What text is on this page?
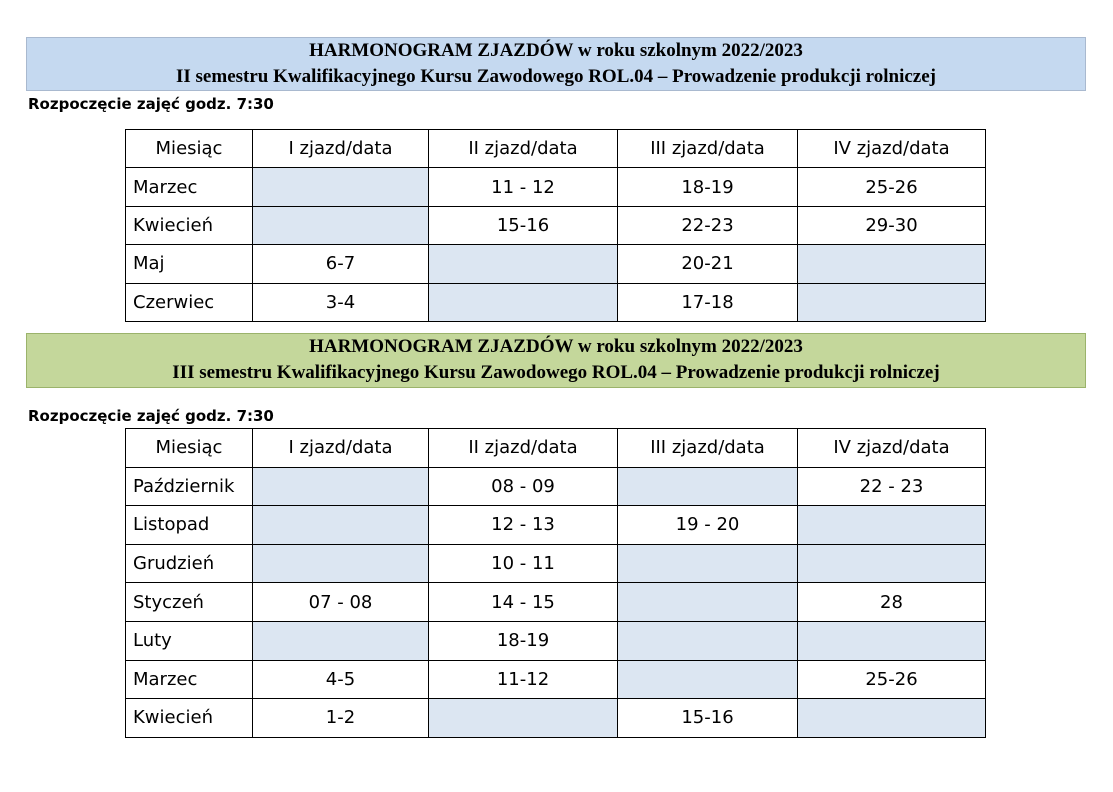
HARMONOGRAM ZJAZDÓW w roku szkolnym 2022/2023
II semestru Kwalifikacyjnego Kursu Zawodowego ROL.04 – Prowadzenie produkcji rolniczej
Rozpoczęcie zajęć godz. 7:30
Miesiąc	I zjazd/data	II zjazd/data	III zjazd/data	IV zjazd/data
Marzec		11 - 12	18-19	25-26
Kwiecień		15-16	22-23	29-30
Maj	6-7		20-21	
Czerwiec	3-4		17-18	
HARMONOGRAM ZJAZDÓW w roku szkolnym 2022/2023
III semestru Kwalifikacyjnego Kursu Zawodowego ROL.04 – Prowadzenie produkcji rolniczej
Rozpoczęcie zajęć godz. 7:30
Miesiąc	I zjazd/data	II zjazd/data	III zjazd/data	IV zjazd/data
Październik		08 - 09		22 - 23
Listopad		12 - 13	19 - 20	
Grudzień		10 - 11		
Styczeń	07 - 08	14 - 15		28
Luty		18-19		
Marzec	4-5	11-12		25-26
Kwiecień	1-2		15-16	
